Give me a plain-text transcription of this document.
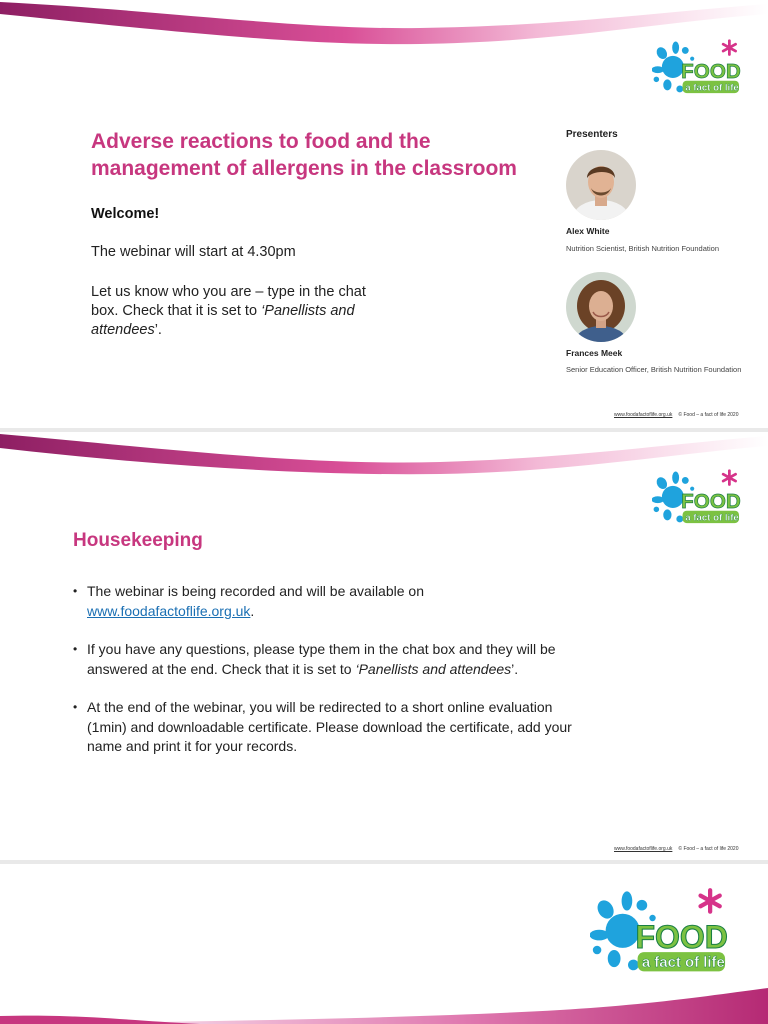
Adverse reactions to food and the management of allergens in the classroom
Welcome!
The webinar will start at 4.30pm
Let us know who you are – type in the chat box. Check that it is set to ‘Panellists and attendees’.
Presenters
Alex White
Nutrition Scientist, British Nutrition Foundation
Frances Meek
Senior Education Officer, British Nutrition Foundation
www.foodafactoflife.org.uk © Food – a fact of life 2020
Housekeeping
• The webinar is being recorded and will be available on www.foodafactoflife.org.uk.
• If you have any questions, please type them in the chat box and they will be answered at the end. Check that it is set to ‘Panellists and attendees’.
• At the end of the webinar, you will be redirected to a short online evaluation (1min) and downloadable certificate. Please download the certificate, add your name and print it for your records.
www.foodafactoflife.org.uk © Food – a fact of life 2020
